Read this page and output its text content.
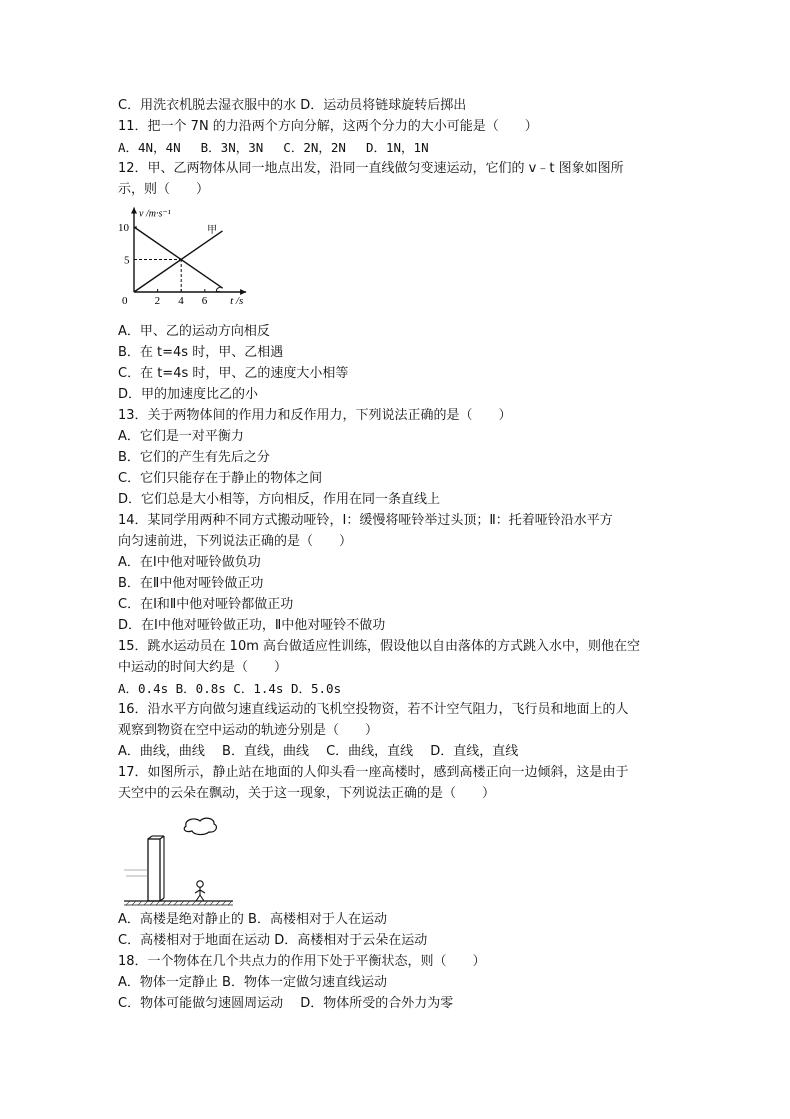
C．用洗衣机脱去湿衣服中的水 D．运动员将链球旋转后掷出
11．把一个 7N 的力沿两个方向分解，这两个分力的大小可能是（　　）
A．4N，4N　 B．3N，3N　 C．2N，2N　 D．1N，1N
12．甲、乙两物体从同一地点出发，沿同一直线做匀变速运动，它们的 v﹣t 图象如图所
示，则（　　）
v /m·s⁻¹
t /s
0 2 4 6
5
10	甲
A．甲、乙的运动方向相反
B．在 t=4s 时，甲、乙相遇
C．在 t=4s 时，甲、乙的速度大小相等
D．甲的加速度比乙的小
13．关于两物体间的作用力和反作用力，下列说法正确的是（　　）
A．它们是一对平衡力
B．它们的产生有先后之分
C．它们只能存在于静止的物体之间
D．它们总是大小相等，方向相反，作用在同一条直线上
14．某同学用两种不同方式搬动哑铃，Ⅰ：缓慢将哑铃举过头顶；Ⅱ：托着哑铃沿水平方
向匀速前进，下列说法正确的是（　　）
A．在Ⅰ中他对哑铃做负功
B．在Ⅱ中他对哑铃做正功
C．在Ⅰ和Ⅱ中他对哑铃都做正功
D．在Ⅰ中他对哑铃做正功，Ⅱ中他对哑铃不做功
15．跳水运动员在 10m 高台做适应性训练，假设他以自由落体的方式跳入水中，则他在空
中运动的时间大约是（　　）
A．0.4s B．0.8s C．1.4s D．5.0s
16．沿水平方向做匀速直线运动的飞机空投物资，若不计空气阻力，飞行员和地面上的人
观察到物资在空中运动的轨迹分别是（　　）
A．曲线，曲线　 B．直线，曲线　 C．曲线，直线　 D．直线，直线
17．如图所示，静止站在地面的人仰头看一座高楼时，感到高楼正向一边倾斜，这是由于
天空中的云朵在飘动，关于这一现象，下列说法正确的是（　　）
A．高楼是绝对静止的 B．高楼相对于人在运动
C．高楼相对于地面在运动 D．高楼相对于云朵在运动
18．一个物体在几个共点力的作用下处于平衡状态，则（　　）
A．物体一定静止 B．物体一定做匀速直线运动
C．物体可能做匀速圆周运动　 D．物体所受的合外力为零
